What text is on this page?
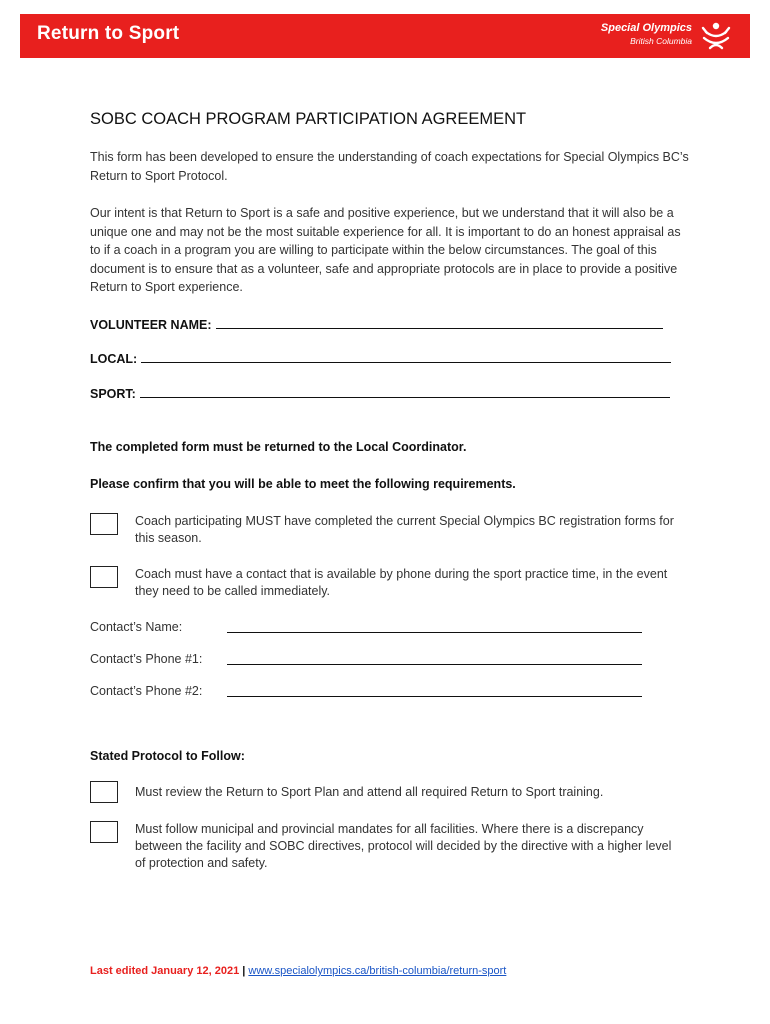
Return to Sport	Special Olympics
British Columbia
SOBC COACH PROGRAM PARTICIPATION AGREEMENT

This form has been developed to ensure the understanding of coach expectations for Special Olympics BC’s Return to Sport Protocol.

Our intent is that Return to Sport is a safe and positive experience, but we understand that it will also be a unique one and may not be the most suitable experience for all. It is important to do an honest appraisal as to if a coach in a program you are willing to participate within the below circumstances. The goal of this document is to ensure that as a volunteer, safe and appropriate protocols are in place to provide a positive Return to Sport experience.

VOLUNTEER NAME:
LOCAL:
SPORT:

The completed form must be returned to the Local Coordinator.

Please confirm that you will be able to meet the following requirements.

Coach participating MUST have completed the current Special Olympics BC registration forms for this season.
Coach must have a contact that is available by phone during the sport practice time, in the event they need to be called immediately.
Contact’s Name:
Contact’s Phone #1:
Contact’s Phone #2:

Stated Protocol to Follow:

Must review the Return to Sport Plan and attend all required Return to Sport training.
Must follow municipal and provincial mandates for all facilities. Where there is a discrepancy between the facility and SOBC directives, protocol will decided by the directive with a higher level of protection and safety.
Last edited January 12, 2021 | www.specialolympics.ca/british-columbia/return-sport
